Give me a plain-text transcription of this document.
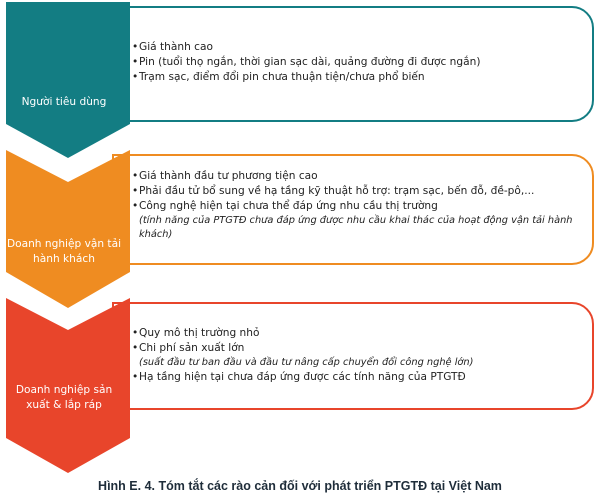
•Giá thành cao
•Pin (tuổi thọ ngắn, thời gian sạc dài, quảng đường đi được ngắn)
•Trạm sạc, điểm đổi pin chưa thuận tiện/chưa phổ biến
Người tiêu dùng
•Giá thành đầu tư phương tiện cao
•Phải đầu tử bổ sung về hạ tầng kỹ thuật hỗ trợ: trạm sạc, bến đỗ, đề-pô,...
•Công nghệ hiện tại chưa thể đáp ứng nhu cầu thị trường
(tính năng của PTGTĐ chưa đáp ứng được nhu cầu khai thác của hoạt động vận tải hành khách)
Doanh nghiệp vận tải hành khách
•Quy mô thị trường nhỏ
•Chi phí sản xuất lớn
(suất đầu tư ban đầu và đầu tư nâng cấp chuyển đổi công nghệ lớn)
•Hạ tầng hiện tại chưa đáp ứng được các tính năng của PTGTĐ
Doanh nghiệp sản xuất & lắp ráp
Hình E. 4. Tóm tắt các rào cản đối với phát triển PTGTĐ tại Việt Nam
